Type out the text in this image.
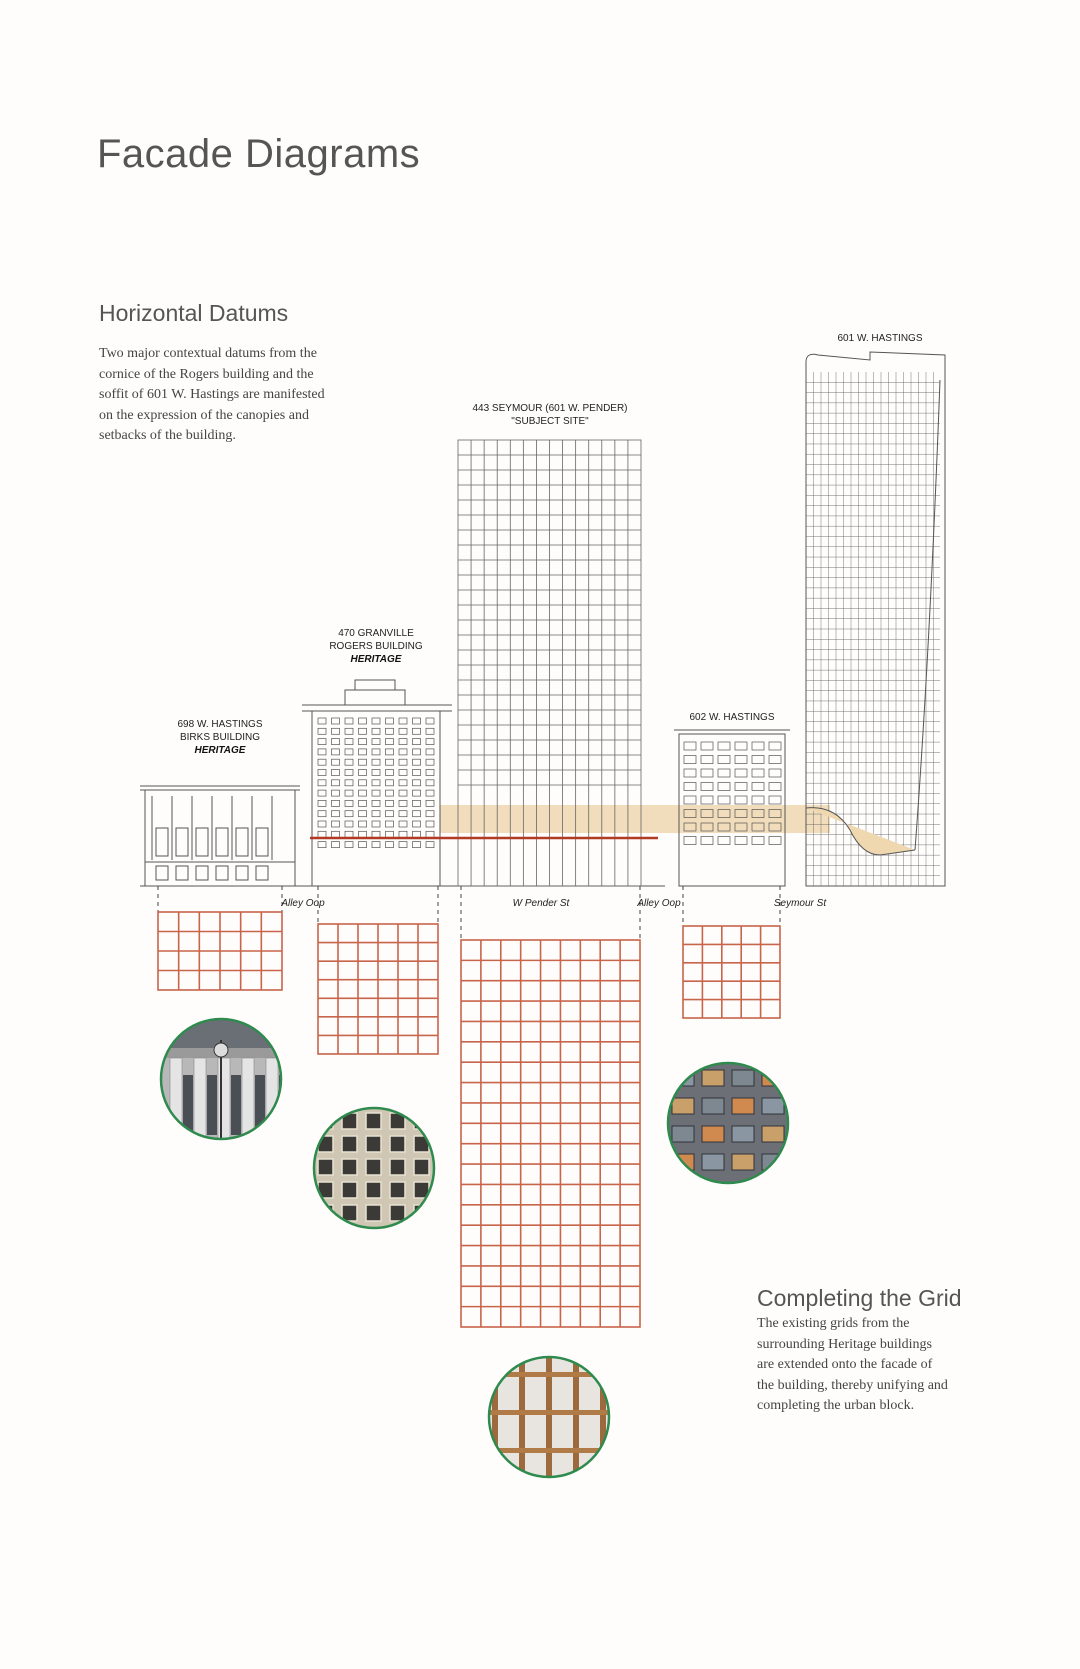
Facade Diagrams
Horizontal Datums
Two major contextual datums from the
cornice of the Rogers building and the
soffit of 601 W. Hastings are manifested
on the expression of the canopies and
setbacks of the building.
Completing the Grid
The existing grids from the
surrounding Heritage buildings
are extended onto the facade of
the building, thereby unifying and
completing the urban block.
698 W. HASTINGS
BIRKS BUILDING
HERITAGE
470 GRANVILLE
ROGERS BUILDING
HERITAGE
443 SEYMOUR (601 W. PENDER)
"SUBJECT SITE"
602 W. HASTINGS
601 W. HASTINGS
Alley Oop	W Pender St	Alley Oop	Seymour St
